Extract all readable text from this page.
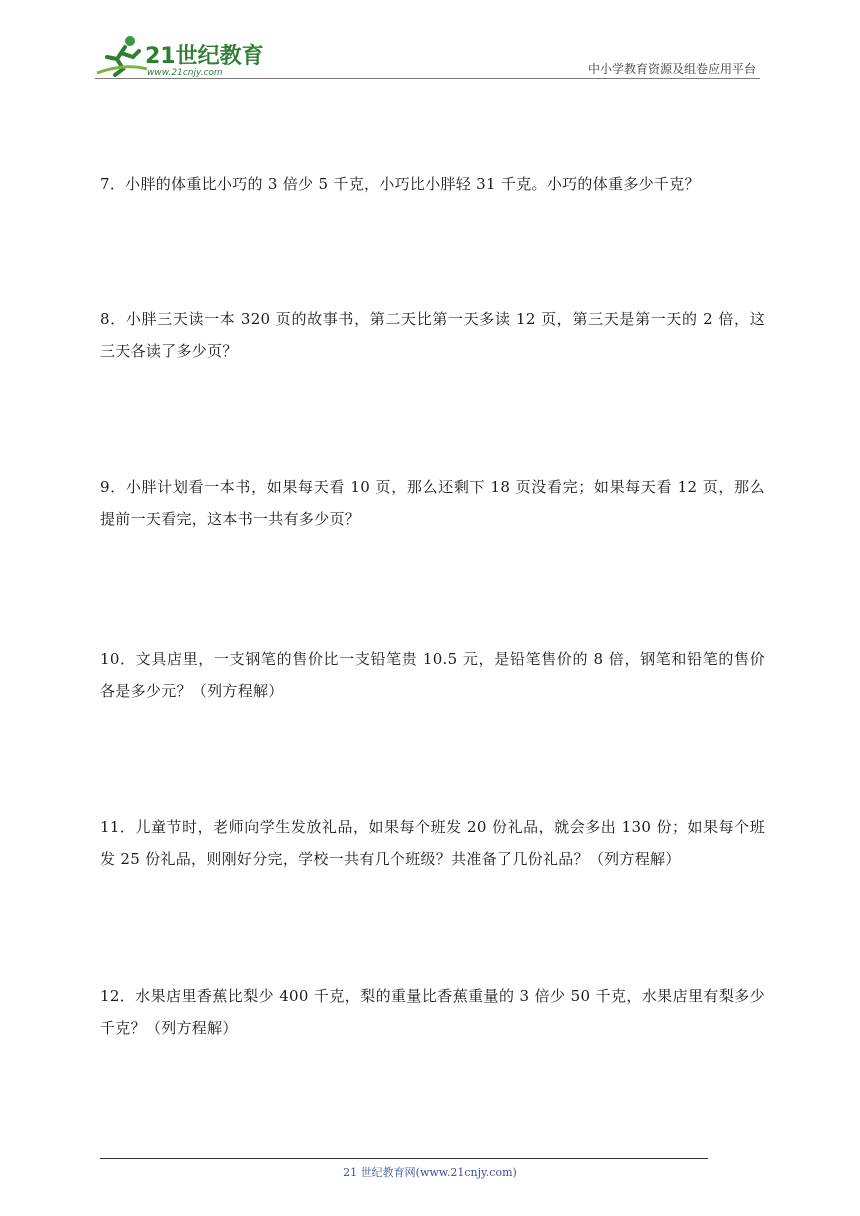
21世纪教育
www.21cnjy.com	中小学教育资源及组卷应用平台
7．小胖的体重比小巧的 3 倍少 5 千克，小巧比小胖轻 31 千克。小巧的体重多少千克？
8．小胖三天读一本 320 页的故事书，第二天比第一天多读 12 页，第三天是第一天的 2 倍，这三天各读了多少页？
9．小胖计划看一本书，如果每天看 10 页，那么还剩下 18 页没看完；如果每天看 12 页，那么提前一天看完，这本书一共有多少页？
10．文具店里，一支钢笔的售价比一支铅笔贵 10.5 元，是铅笔售价的 8 倍，钢笔和铅笔的售价各是多少元？（列方程解）
11．儿童节时，老师向学生发放礼品，如果每个班发 20 份礼品，就会多出 130 份；如果每个班发 25 份礼品，则刚好分完，学校一共有几个班级？共准备了几份礼品？（列方程解）
12．水果店里香蕉比梨少 400 千克，梨的重量比香蕉重量的 3 倍少 50 千克，水果店里有梨多少千克？（列方程解）
21 世纪教育网(www.21cnjy.com)
